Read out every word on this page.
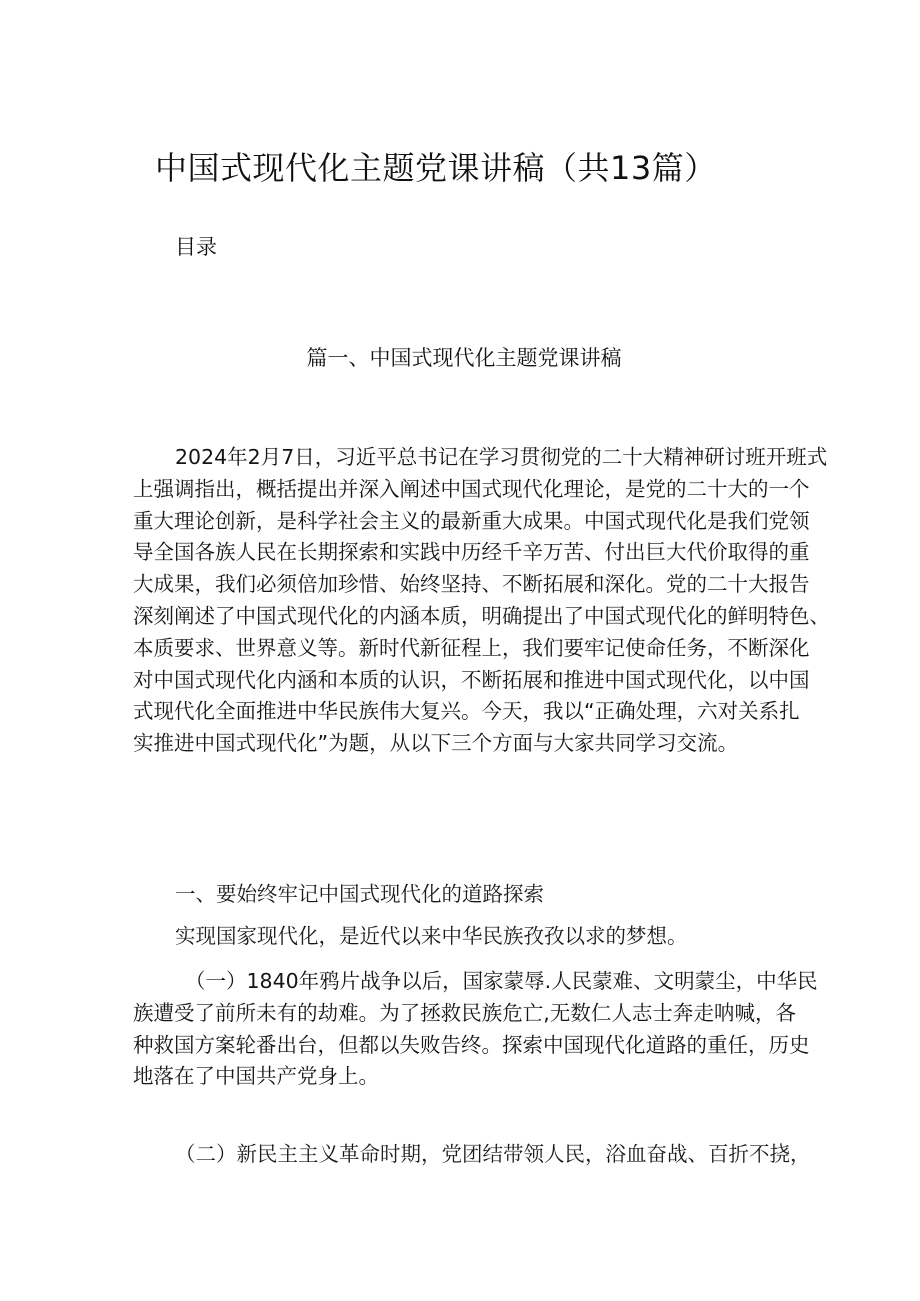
中国式现代化主题党课讲稿（共13篇）
目录
篇一、中国式现代化主题党课讲稿
2024年2月7日，习近平总书记在学习贯彻党的二十大精神研讨班开班式
上强调指出，概括提出并深入阐述中国式现代化理论，是党的二十大的一个
重大理论创新，是科学社会主义的最新重大成果。中国式现代化是我们党领
导全国各族人民在长期探索和实践中历经千辛万苦、付出巨大代价取得的重
大成果，我们必须倍加珍惜、始终坚持、不断拓展和深化。党的二十大报告
深刻阐述了中国式现代化的内涵本质，明确提出了中国式现代化的鲜明特色、
本质要求、世界意义等。新时代新征程上，我们要牢记使命任务，不断深化
对中国式现代化内涵和本质的认识，不断拓展和推进中国式现代化，以中国
式现代化全面推进中华民族伟大复兴。今天，我以“正确处理，六对关系扎
实推进中国式现代化”为题，从以下三个方面与大家共同学习交流。
一、要始终牢记中国式现代化的道路探索
实现国家现代化，是近代以来中华民族孜孜以求的梦想。
（一）1840年鸦片战争以后，国家蒙辱.人民蒙难、文明蒙尘，中华民
族遭受了前所未有的劫难。为了拯救民族危亡,无数仁人志士奔走呐喊，各
种救国方案轮番出台，但都以失败告终。探索中国现代化道路的重任，历史
地落在了中国共产党身上。
（二）新民主主义革命时期，党团结带领人民，浴血奋战、百折不挠，
